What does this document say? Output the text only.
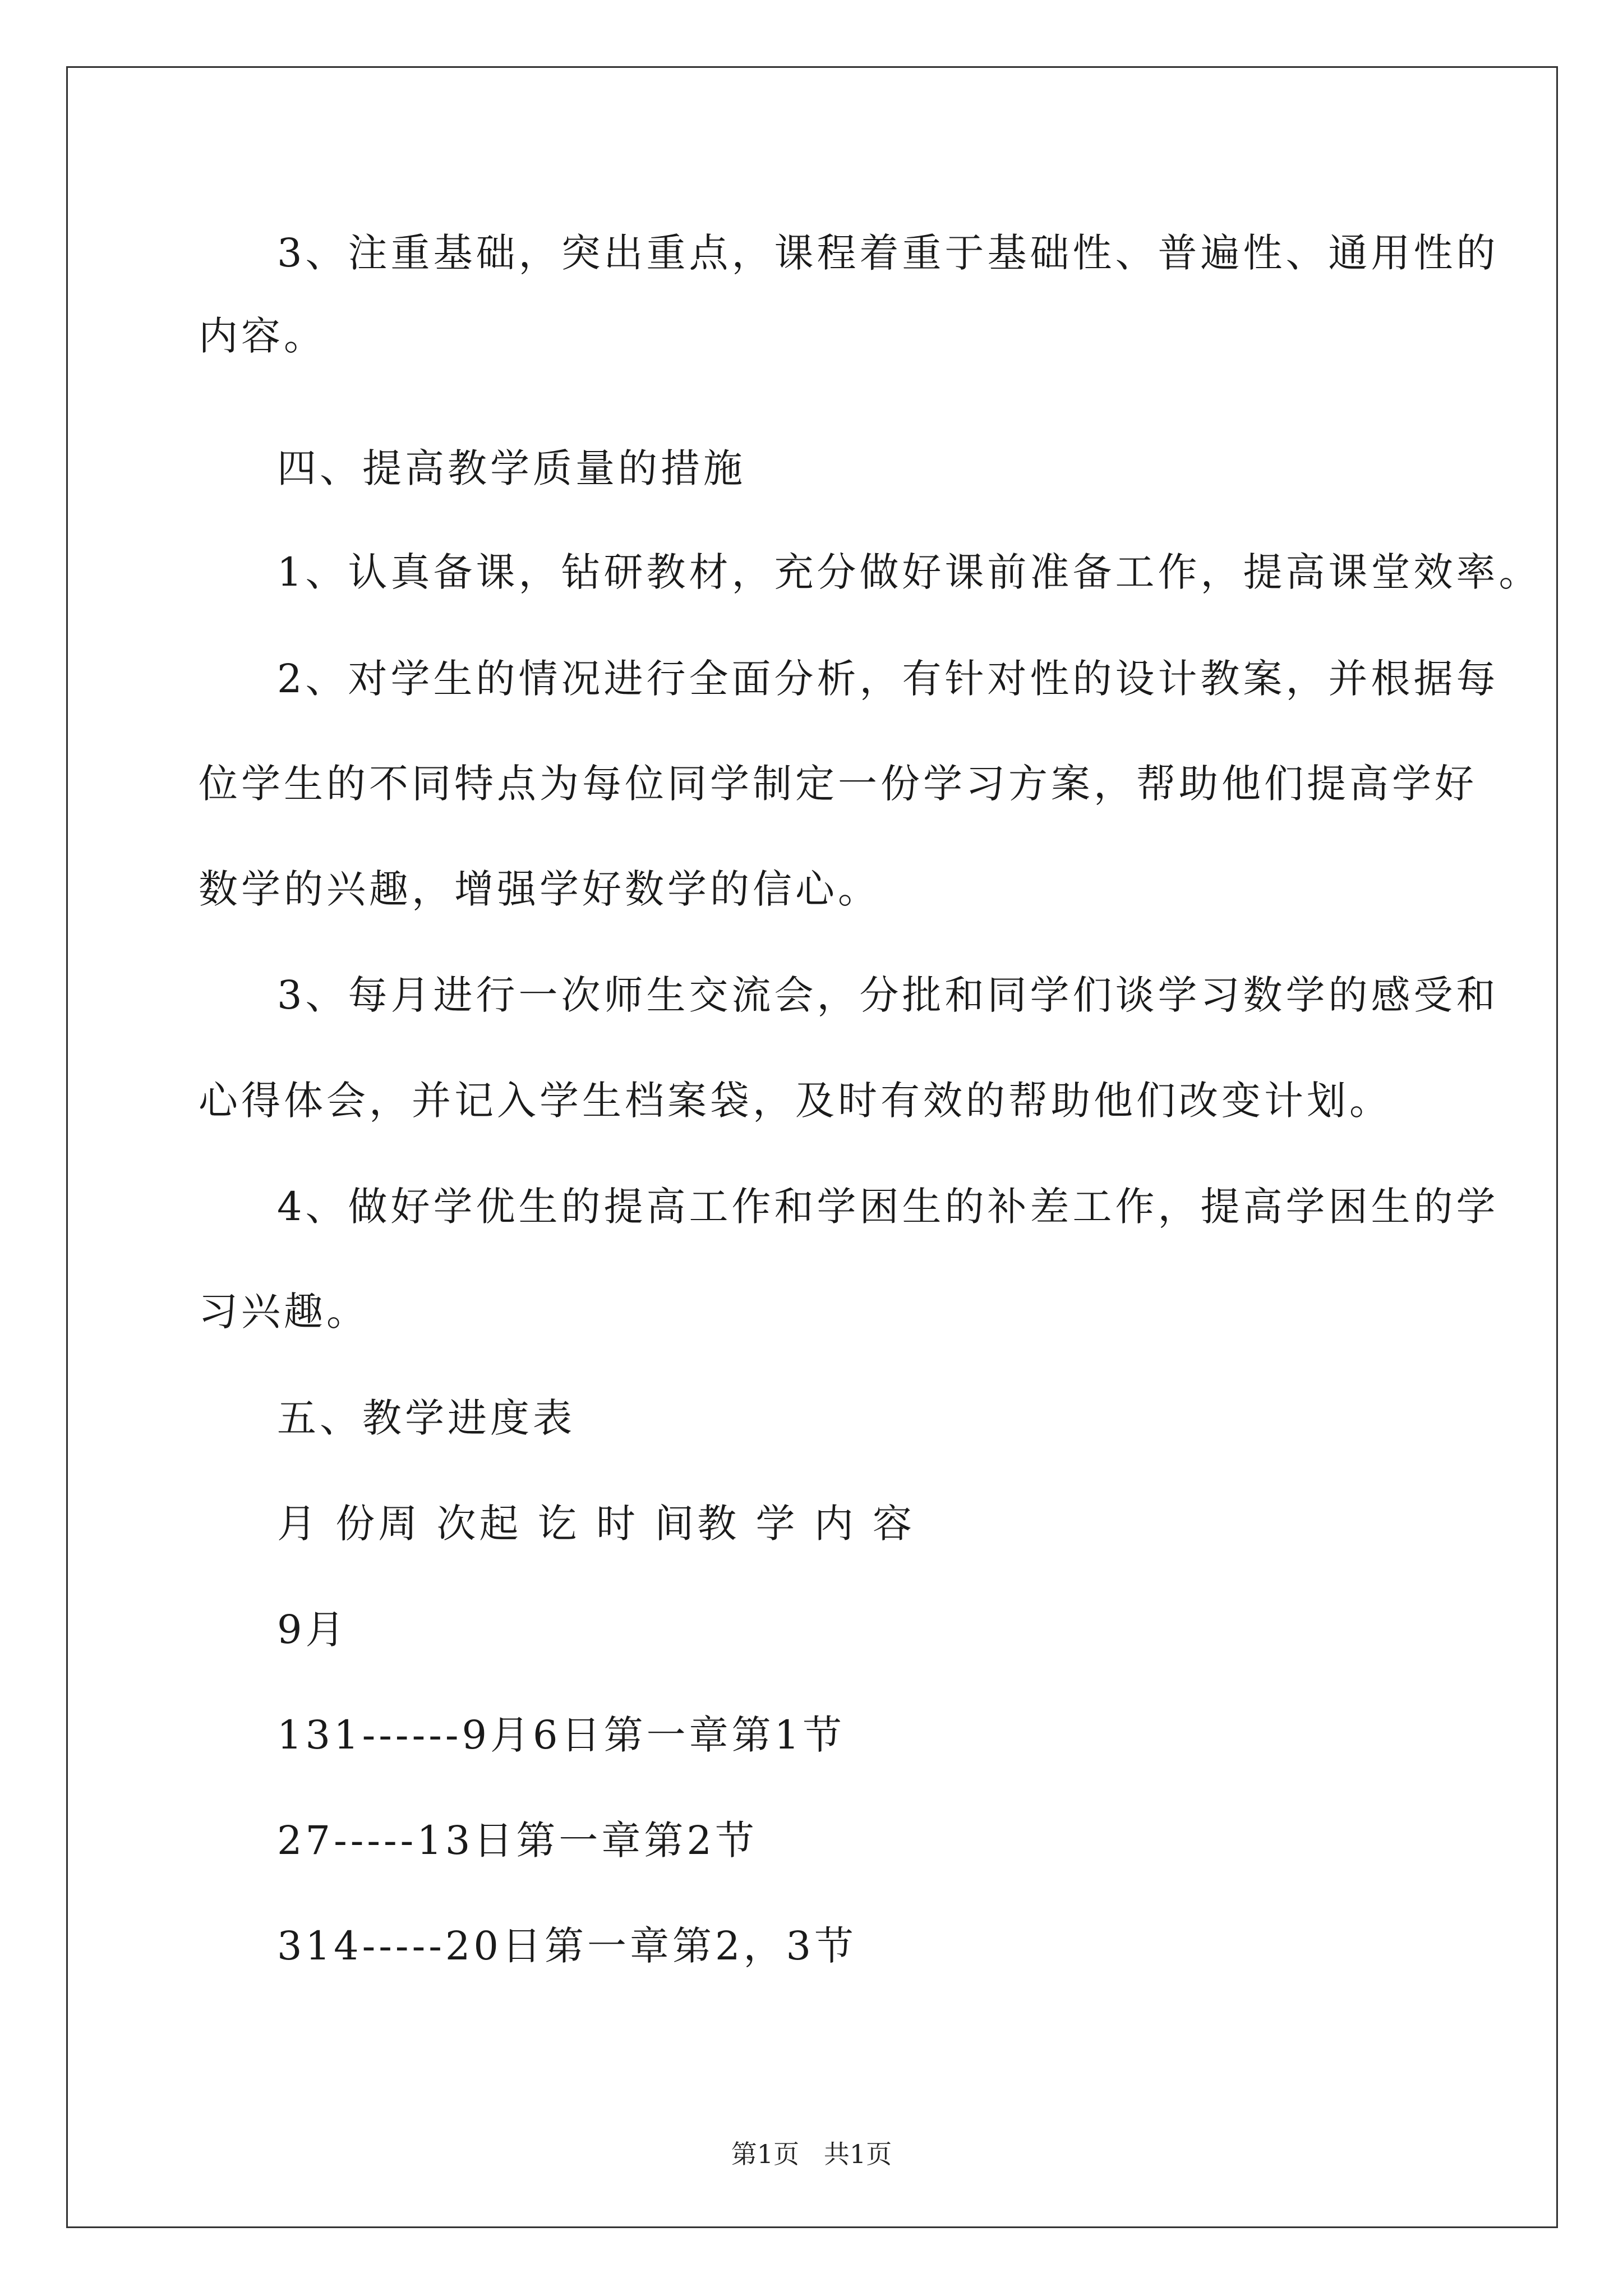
3、注重基础，突出重点，课程着重于基础性、普遍性、通用性的
内容。
四、提高教学质量的措施
1、认真备课，钻研教材，充分做好课前准备工作，提高课堂效率。
2、对学生的情况进行全面分析，有针对性的设计教案，并根据每
位学生的不同特点为每位同学制定一份学习方案，帮助他们提高学好
数学的兴趣，增强学好数学的信心。
3、每月进行一次师生交流会，分批和同学们谈学习数学的感受和
心得体会，并记入学生档案袋，及时有效的帮助他们改变计划。
4、做好学优生的提高工作和学困生的补差工作，提高学困生的学
习兴趣。
五、教学进度表
月 份周 次起 讫 时 间教 学 内 容
9月
131------9月6日第一章第1节
27-----13日第一章第2节
314-----20日第一章第2，3节
第1页   共1页
